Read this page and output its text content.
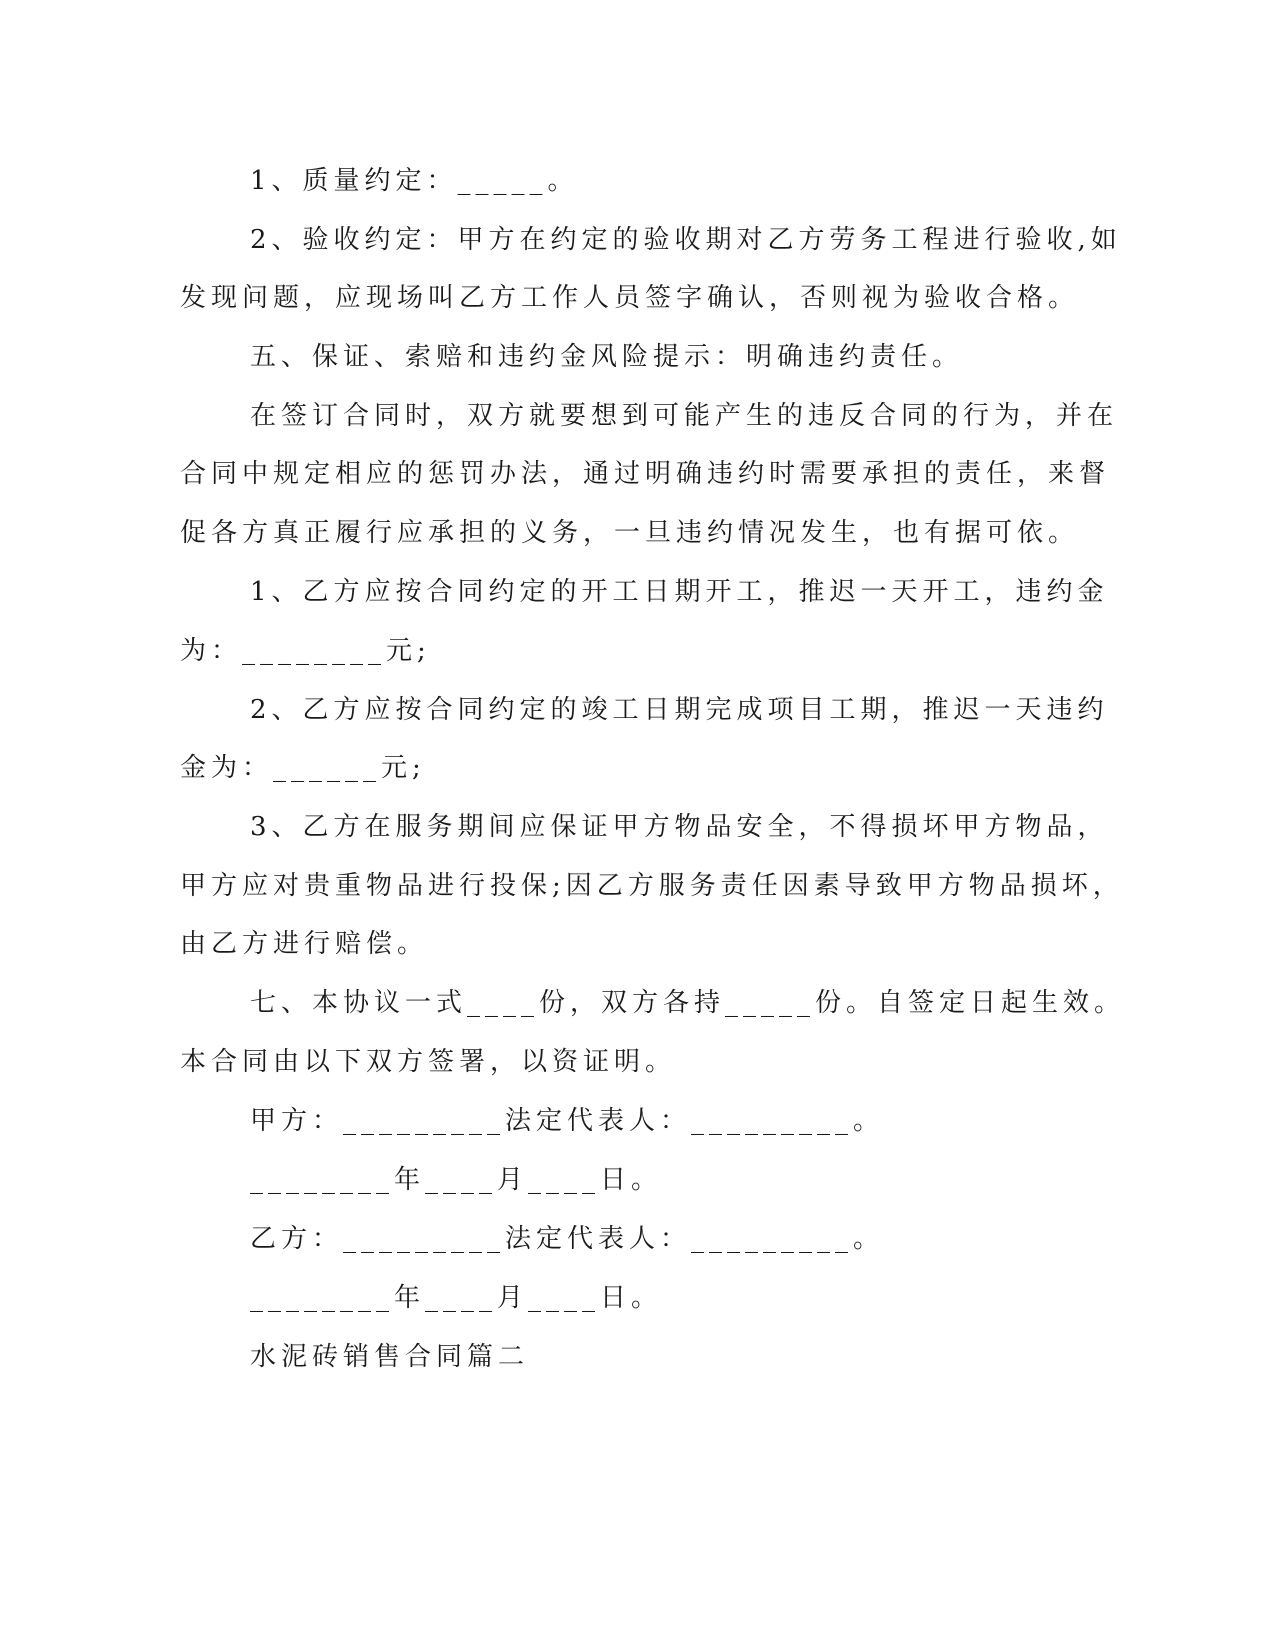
1、质量约定：_____。
2、验收约定：甲方在约定的验收期对乙方劳务工程进行验收,如
发现问题，应现场叫乙方工作人员签字确认，否则视为验收合格。
五、保证、索赔和违约金风险提示：明确违约责任。
在签订合同时，双方就要想到可能产生的违反合同的行为，并在
合同中规定相应的惩罚办法，通过明确违约时需要承担的责任，来督
促各方真正履行应承担的义务，一旦违约情况发生，也有据可依。
1、乙方应按合同约定的开工日期开工，推迟一天开工，违约金
为：________元;
2、乙方应按合同约定的竣工日期完成项目工期，推迟一天违约
金为：______元;
3、乙方在服务期间应保证甲方物品安全，不得损坏甲方物品，
甲方应对贵重物品进行投保;因乙方服务责任因素导致甲方物品损坏，
由乙方进行赔偿。
七、本协议一式____份，双方各持_____份。自签定日起生效。
本合同由以下双方签署，以资证明。
甲方：_________法定代表人：_________。
________年____月____日。
乙方：_________法定代表人：_________。
________年____月____日。
水泥砖销售合同篇二
